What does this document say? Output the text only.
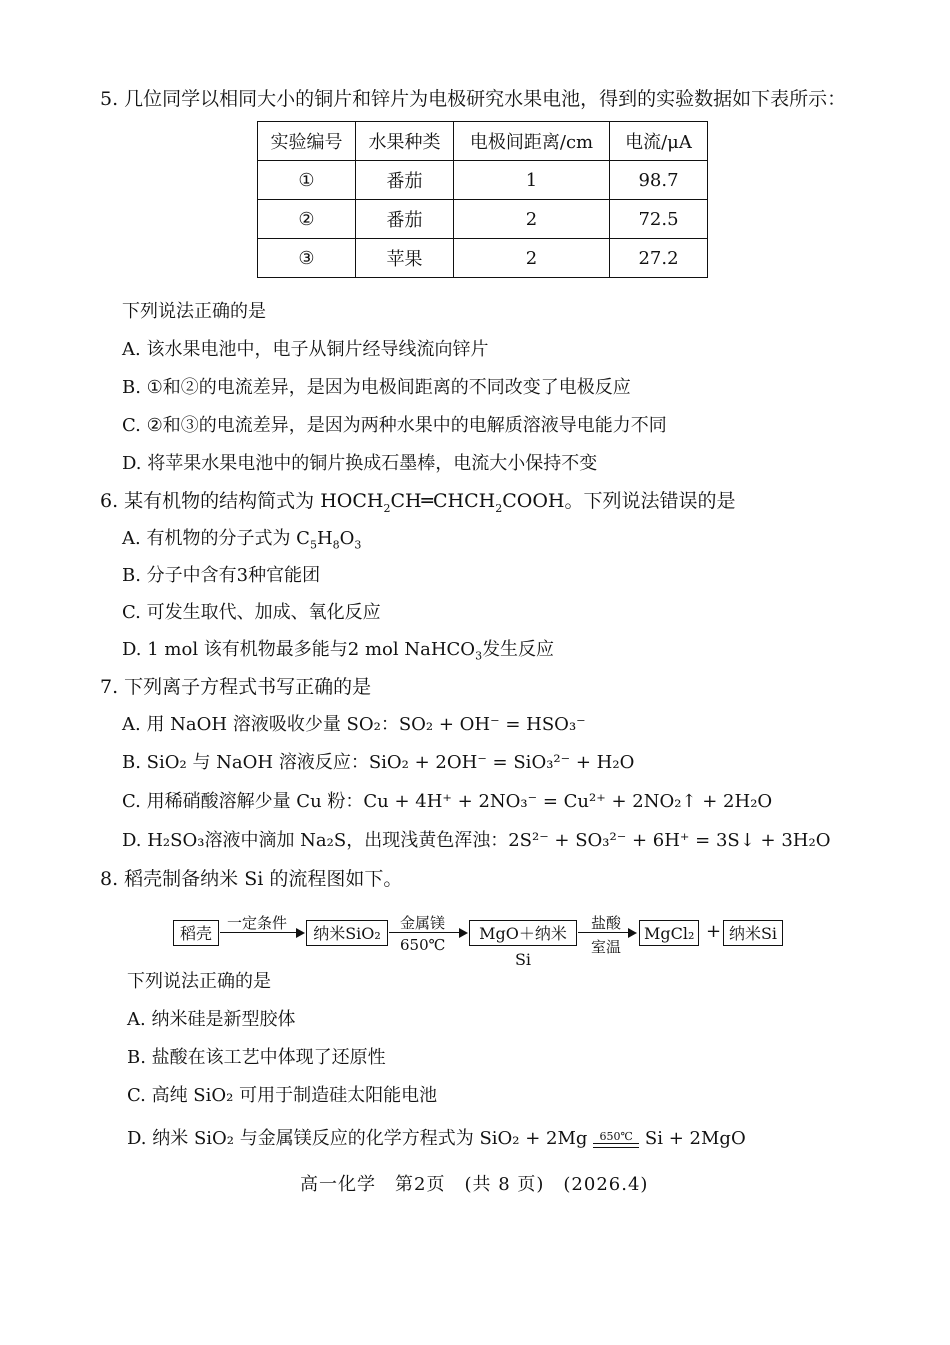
5. 几位同学以相同大小的铜片和锌片为电极研究水果电池，得到的实验数据如下表所示：
实验编号	水果种类	电极间距离/cm	电流/μA
①	番茄	1	98.7
②	番茄	2	72.5
③	苹果	2	27.2
下列说法正确的是
A. 该水果电池中，电子从铜片经导线流向锌片
B. ①和②的电流差异，是因为电极间距离的不同改变了电极反应
C. ②和③的电流差异，是因为两种水果中的电解质溶液导电能力不同
D. 将苹果水果电池中的铜片换成石墨棒，电流大小保持不变
6. 某有机物的结构简式为 $HOCH_2CH═CHCH_2COOH$。下列说法错误的是
A. 有机物的分子式为 $C_5H_8O_3$
B. 分子中含有3种官能团
C. 可发生取代、加成、氧化反应
D. 1 mol 该有机物最多能与2 mol NaHCO$_3$发生反应
7. 下列离子方程式书写正确的是
A. 用 NaOH 溶液吸收少量 SO₂：SO₂ + OH⁻ = HSO₃⁻
B. SiO₂ 与 NaOH 溶液反应：SiO₂ + 2OH⁻ = SiO₃²⁻ + H₂O
C. 用稀硝酸溶解少量 Cu 粉：Cu + 4H⁺ + 2NO₃⁻ = Cu²⁺ + 2NO₂↑ + 2H₂O
D. H₂SO₃溶液中滴加 Na₂S，出现浅黄色浑浊：2S²⁻ + SO₃²⁻ + 6H⁺ = 3S↓ + 3H₂O
8. 稻壳制备纳米 Si 的流程图如下。
稻壳
一定条件
纳米SiO₂
金属镁
650℃
MgO＋纳米Si
盐酸
室温
MgCl₂ + 纳米Si
下列说法正确的是
A. 纳米硅是新型胶体
B. 盐酸在该工艺中体现了还原性
C. 高纯 SiO₂ 可用于制造硅太阳能电池
D. 纳米 SiO₂ 与金属镁反应的化学方程式为 SiO₂ + 2Mg	650℃ Si + 2MgO
高一化学　第2页　(共 8 页)　(2026.4)
